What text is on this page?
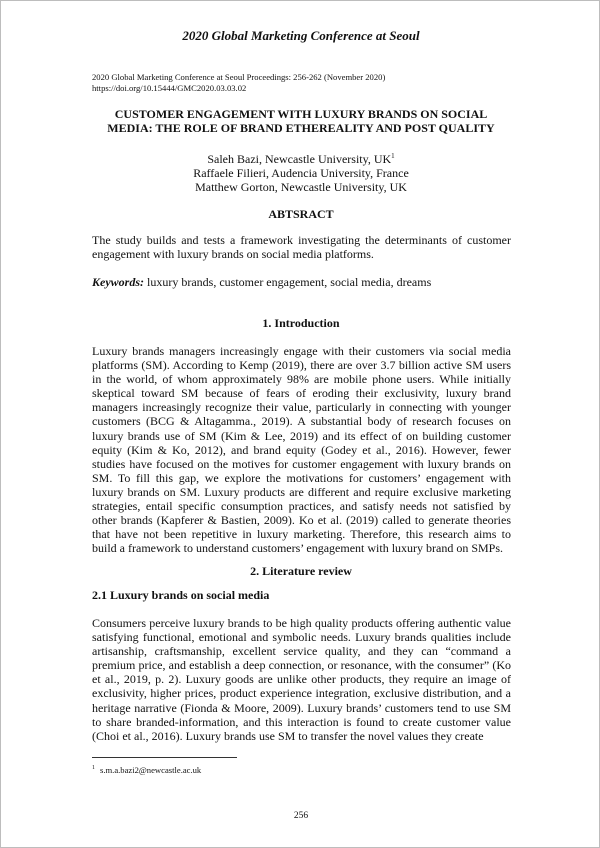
2020 Global Marketing Conference at Seoul
2020 Global Marketing Conference at Seoul Proceedings: 256-262 (November 2020)
https://doi.org/10.15444/GMC2020.03.03.02
CUSTOMER ENGAGEMENT WITH LUXURY BRANDS ON SOCIAL
MEDIA: THE ROLE OF BRAND ETHEREALITY AND POST QUALITY
Saleh Bazi, Newcastle University, $UK^1$
Raffaele Filieri, Audencia University, France
Matthew Gorton, Newcastle University, UK
ABTSRACT

The study builds and tests a framework investigating the determinants of customer engagement with luxury brands on social media platforms.

Keywords: luxury brands, customer engagement, social media, dreams

1. Introduction

Luxury brands managers increasingly engage with their customers via social media platforms (SM). According to Kemp (2019), there are over 3.7 billion active SM users in the world, of whom approximately 98% are mobile phone users. While initially skeptical toward SM because of fears of eroding their exclusivity, luxury brand managers increasingly recognize their value, particularly in connecting with younger customers (BCG & Altagamma., 2019). A substantial body of research focuses on luxury brands use of SM (Kim & Lee, 2019) and its effect of on building customer equity (Kim & Ko, 2012), and brand equity (Godey et al., 2016). However, fewer studies have focused on the motives for customer engagement with luxury brands on SM. To fill this gap, we explore the motivations for customers’ engagement with luxury brands on SM. Luxury products are different and require exclusive marketing strategies, entail specific consumption practices, and satisfy needs not satisfied by other brands (Kapferer & Bastien, 2009). Ko et al. (2019) called to generate theories that have not been repetitive in luxury marketing. Therefore, this research aims to build a framework to understand customers’ engagement with luxury brand on SMPs.

2. Literature review
2.1 Luxury brands on social media

Consumers perceive luxury brands to be high quality products offering authentic value satisfying functional, emotional and symbolic needs. Luxury brands qualities include artisanship, craftsmanship, excellent service quality, and they can “command a premium price, and establish a deep connection, or resonance, with the consumer” (Ko et al., 2019, p. 2). Luxury goods are unlike other products, they require an image of exclusivity, higher prices, product experience integration, exclusive distribution, and a heritage narrative (Fionda & Moore, 2009). Luxury brands’ customers tend to use SM to share branded-information, and this interaction is found to create customer value (Choi et al., 2016). Luxury brands use SM to transfer the novel values they create

$^1$ s.m.a.bazi2@newcastle.ac.uk
256
